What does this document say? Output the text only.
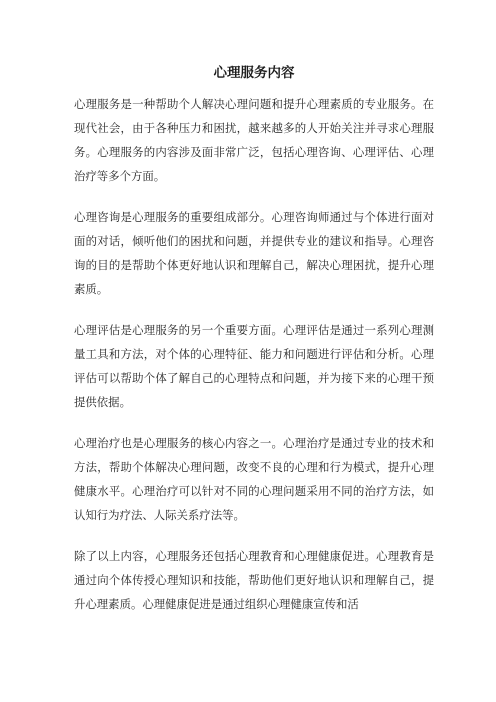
心理服务内容

心理服务是一种帮助个人解决心理问题和提升心理素质的专业服务。在现代社会，由于各种压力和困扰，越来越多的人开始关注并寻求心理服务。心理服务的内容涉及面非常广泛，包括心理咨询、心理评估、心理治疗等多个方面。

心理咨询是心理服务的重要组成部分。心理咨询师通过与个体进行面对面的对话，倾听他们的困扰和问题，并提供专业的建议和指导。心理咨询的目的是帮助个体更好地认识和理解自己，解决心理困扰，提升心理素质。

心理评估是心理服务的另一个重要方面。心理评估是通过一系列心理测量工具和方法，对个体的心理特征、能力和问题进行评估和分析。心理评估可以帮助个体了解自己的心理特点和问题，并为接下来的心理干预提供依据。

心理治疗也是心理服务的核心内容之一。心理治疗是通过专业的技术和方法，帮助个体解决心理问题，改变不良的心理和行为模式，提升心理健康水平。心理治疗可以针对不同的心理问题采用不同的治疗方法，如认知行为疗法、人际关系疗法等。

除了以上内容，心理服务还包括心理教育和心理健康促进。心理教育是通过向个体传授心理知识和技能，帮助他们更好地认识和理解自己，提升心理素质。心理健康促进是通过组织心理健康宣传和活
